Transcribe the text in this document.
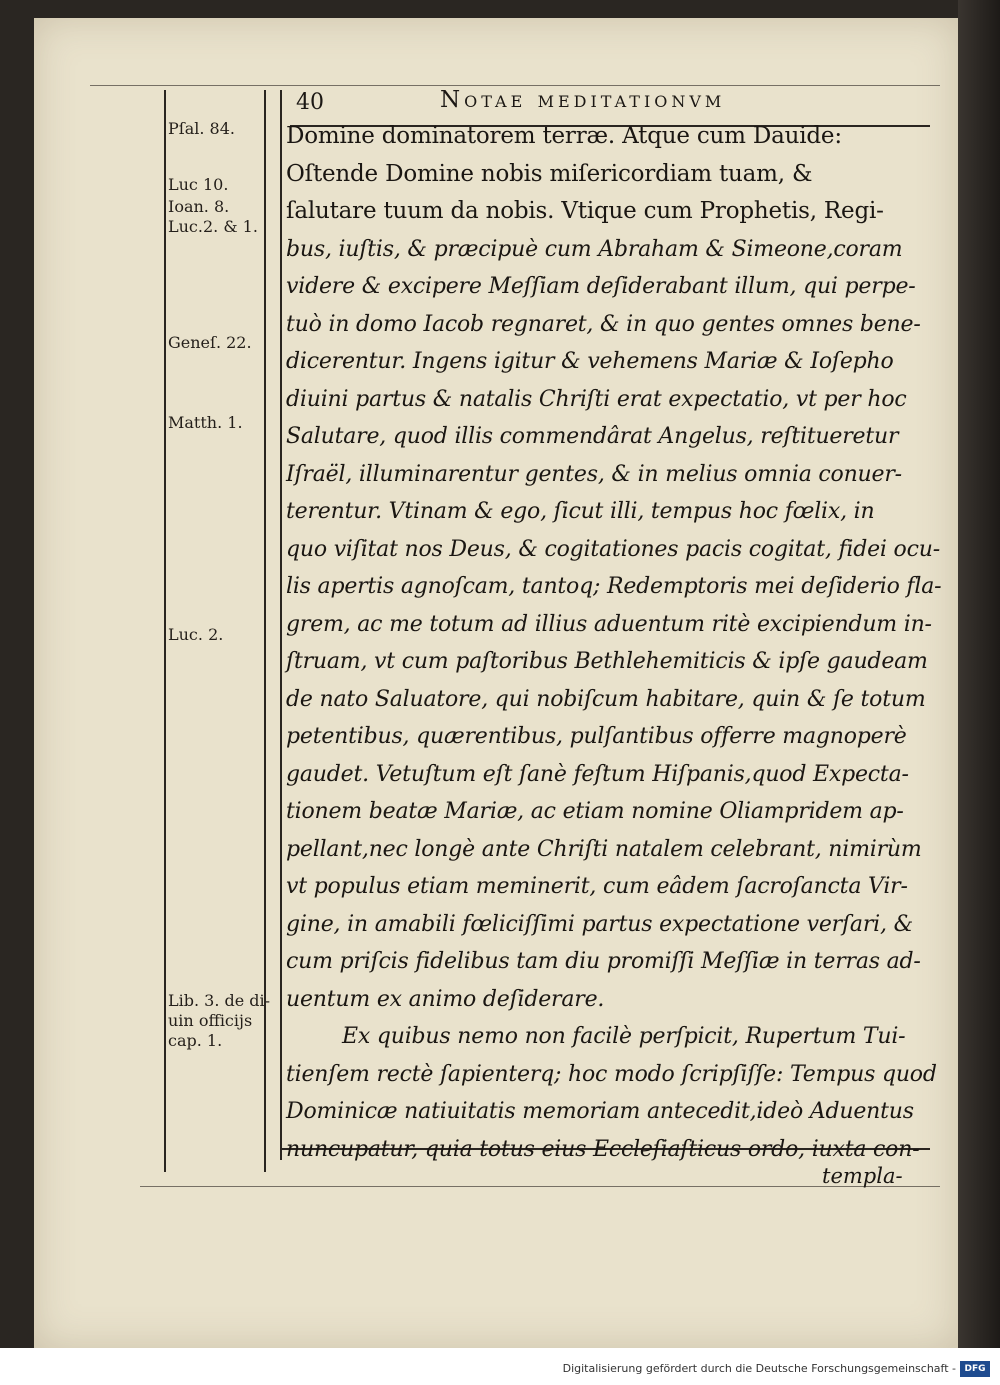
40	Notae meditationvm
Pſal. 84.
Luc 10.
Ioan. 8.
Luc.2. & 1.
Geneſ. 22.
Matth. 1.
Luc. 2.
Lib. 3. de di-
uin officijs
cap. 1.
Domine dominatorem terræ. Atque cum Dauide:
Oſtende Domine nobis miſericordiam tuam, &
ſalutare tuum da nobis. Vtique cum Prophetis, Regi-
bus, iuſtis, & præcipuè cum Abraham & Simeone,coram
videre & excipere Meſſiam deſiderabant illum, qui perpe-
tuò in domo Iacob regnaret, & in quo gentes omnes bene-
dicerentur. Ingens igitur & vehemens Mariæ & Ioſepho
diuini partus & natalis Chriſti erat expectatio, vt per hoc
Salutare, quod illis commendârat Angelus, reſtitueretur
Iſraël, illuminarentur gentes, & in melius omnia conuer-
terentur. Vtinam & ego, ſicut illi, tempus hoc fœlix, in
quo viſitat nos Deus, & cogitationes pacis cogitat, fidei ocu-
lis apertis agnoſcam, tantoq; Redemptoris mei deſiderio fla-
grem, ac me totum ad illius aduentum ritè excipiendum in-
ſtruam, vt cum paſtoribus Bethlehemiticis & ipſe gaudeam
de nato Saluatore, qui nobiſcum habitare, quin & ſe totum
petentibus, quærentibus, pulſantibus offerre magnoperè
gaudet. Vetuſtum eſt ſanè feſtum Hiſpanis,quod Expecta-
tionem beatæ Mariæ, ac etiam nomine Oliampridem ap-
pellant,nec longè ante Chriſti natalem celebrant, nimirùm
vt populus etiam meminerit, cum eâdem ſacroſancta Vir-
gine, in amabili fœliciſſimi partus expectatione verſari, &
cum priſcis fidelibus tam diu promiſſi Meſſiæ in terras ad-
uentum ex animo deſiderare.
Ex quibus nemo non facilè perſpicit, Rupertum Tui-
tienſem rectè ſapienterq; hoc modo ſcripſiſſe: Tempus quod
Dominicæ natiuitatis memoriam antecedit,ideò Aduentus
nuncupatur, quia totus eius Eccleſiaſticus ordo, iuxta con-
templa-
Digitalisierung gefördert durch die Deutsche Forschungsgemeinschaft - DFG
